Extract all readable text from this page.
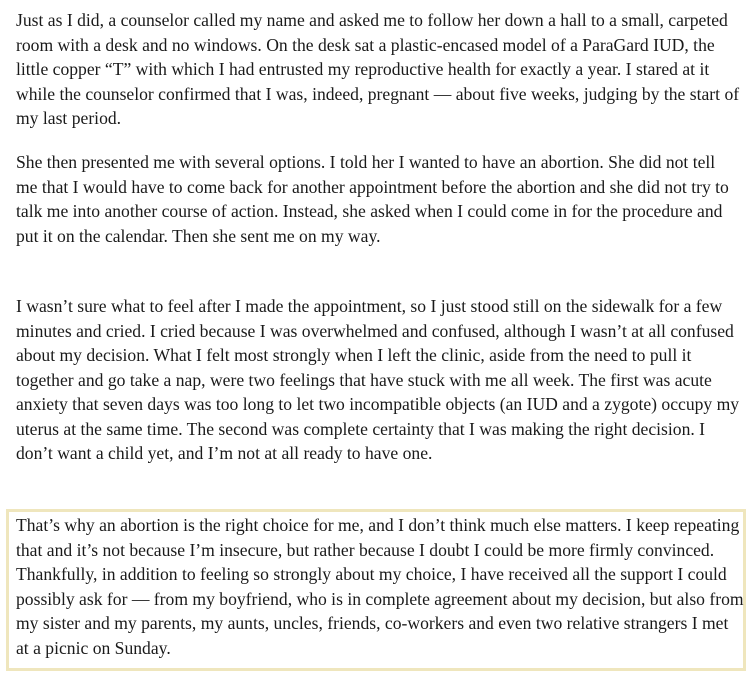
Just as I did, a counselor called my name and asked me to follow her down a hall to a small, carpeted room with a desk and no windows. On the desk sat a plastic-encased model of a ParaGard IUD, the little copper “T” with which I had entrusted my reproductive health for exactly a year. I stared at it while the counselor confirmed that I was, indeed, pregnant — about five weeks, judging by the start of my last period.

She then presented me with several options. I told her I wanted to have an abortion. She did not tell me that I would have to come back for another appointment before the abortion and she did not try to talk me into another course of action. Instead, she asked when I could come in for the procedure and put it on the calendar. Then she sent me on my way.

I wasn’t sure what to feel after I made the appointment, so I just stood still on the sidewalk for a few minutes and cried. I cried because I was overwhelmed and confused, although I wasn’t at all confused about my decision. What I felt most strongly when I left the clinic, aside from the need to pull it together and go take a nap, were two feelings that have stuck with me all week. The first was acute anxiety that seven days was too long to let two incompatible objects (an IUD and a zygote) occupy my uterus at the same time. The second was complete certainty that I was making the right decision. I don’t want a child yet, and I’m not at all ready to have one.

That’s why an abortion is the right choice for me, and I don’t think much else matters. I keep repeating that and it’s not because I’m insecure, but rather because I doubt I could be more firmly convinced. Thankfully, in addition to feeling so strongly about my choice, I have received all the support I could possibly ask for — from my boyfriend, who is in complete agreement about my decision, but also from my sister and my parents, my aunts, uncles, friends, co-workers and even two relative strangers I met at a picnic on Sunday.
